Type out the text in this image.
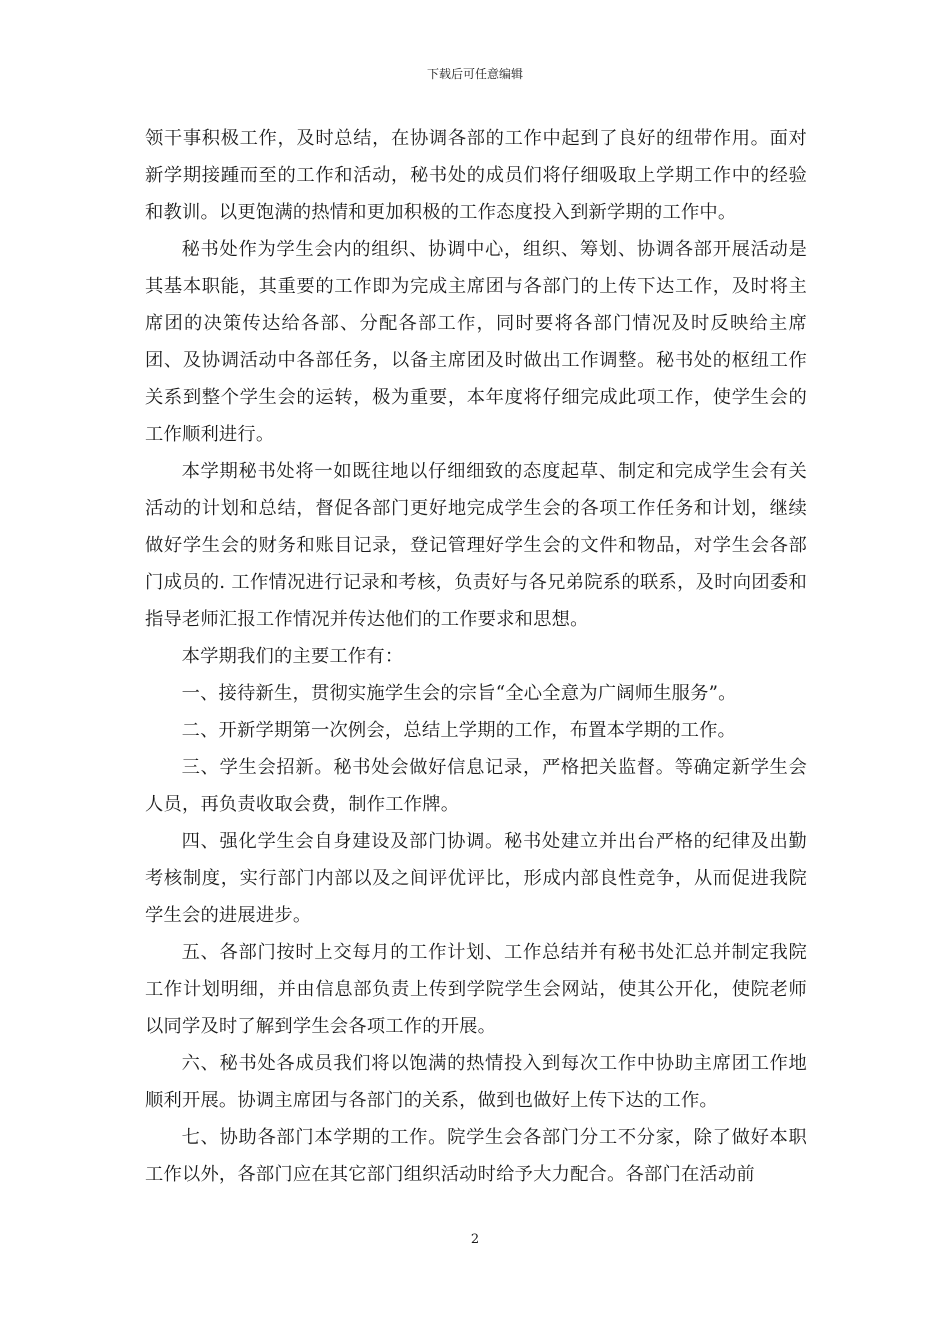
下载后可任意编辑

领干事积极工作，及时总结，在协调各部的工作中起到了良好的纽带作用。面对新学期接踵而至的工作和活动，秘书处的成员们将仔细吸取上学期工作中的经验和教训。以更饱满的热情和更加积极的工作态度投入到新学期的工作中。

秘书处作为学生会内的组织、协调中心，组织、筹划、协调各部开展活动是其基本职能，其重要的工作即为完成主席团与各部门的上传下达工作，及时将主席团的决策传达给各部、分配各部工作，同时要将各部门情况及时反映给主席团、及协调活动中各部任务，以备主席团及时做出工作调整。秘书处的枢纽工作关系到整个学生会的运转，极为重要，本年度将仔细完成此项工作，使学生会的工作顺利进行。

本学期秘书处将一如既往地以仔细细致的态度起草、制定和完成学生会有关活动的计划和总结，督促各部门更好地完成学生会的各项工作任务和计划，继续做好学生会的财务和账目记录，登记管理好学生会的文件和物品，对学生会各部门成员的. 工作情况进行记录和考核，负责好与各兄弟院系的联系，及时向团委和指导老师汇报工作情况并传达他们的工作要求和思想。

本学期我们的主要工作有：

一、接待新生，贯彻实施学生会的宗旨“全心全意为广阔师生服务”。

二、开新学期第一次例会，总结上学期的工作，布置本学期的工作。

三、学生会招新。秘书处会做好信息记录，严格把关监督。等确定新学生会人员，再负责收取会费，制作工作牌。

四、强化学生会自身建设及部门协调。秘书处建立并出台严格的纪律及出勤考核制度，实行部门内部以及之间评优评比，形成内部良性竞争，从而促进我院学生会的进展进步。

五、各部门按时上交每月的工作计划、工作总结并有秘书处汇总并制定我院工作计划明细，并由信息部负责上传到学院学生会网站，使其公开化，使院老师以同学及时了解到学生会各项工作的开展。

六、秘书处各成员我们将以饱满的热情投入到每次工作中协助主席团工作地顺利开展。协调主席团与各部门的关系，做到也做好上传下达的工作。

七、协助各部门本学期的工作。院学生会各部门分工不分家，除了做好本职工作以外，各部门应在其它部门组织活动时给予大力配合。各部门在活动前

2
